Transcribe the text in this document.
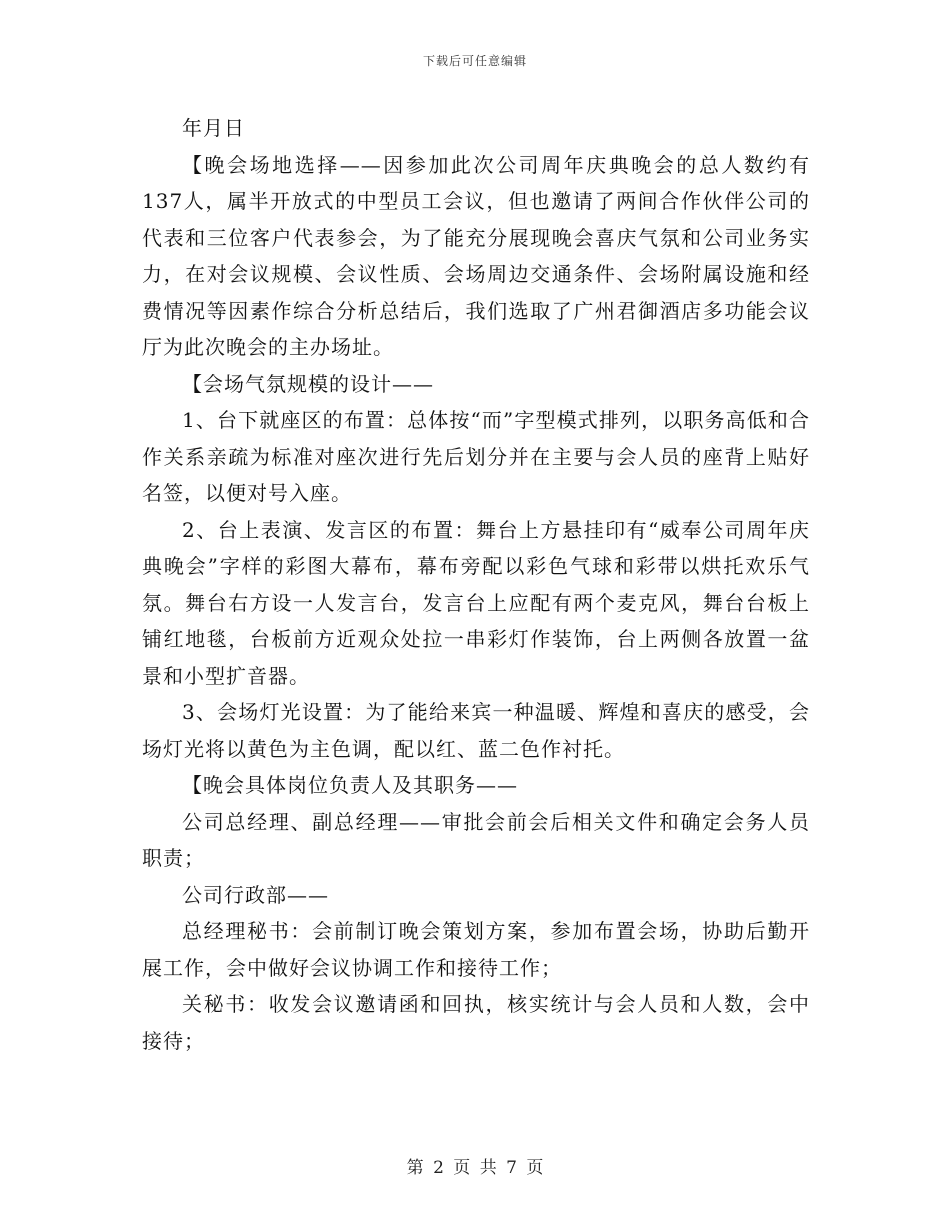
下载后可任意编辑

年月日

【晚会场地选择——因参加此次公司周年庆典晚会的总人数约有137人，属半开放式的中型员工会议，但也邀请了两间合作伙伴公司的代表和三位客户代表参会，为了能充分展现晚会喜庆气氛和公司业务实力，在对会议规模、会议性质、会场周边交通条件、会场附属设施和经费情况等因素作综合分析总结后，我们选取了广州君御酒店多功能会议厅为此次晚会的主办场址。

【会场气氛规模的设计——

1、台下就座区的布置：总体按“而”字型模式排列，以职务高低和合作关系亲疏为标准对座次进行先后划分并在主要与会人员的座背上贴好名签，以便对号入座。

2、台上表演、发言区的布置：舞台上方悬挂印有“威奉公司周年庆典晚会”字样的彩图大幕布，幕布旁配以彩色气球和彩带以烘托欢乐气氛。舞台右方设一人发言台，发言台上应配有两个麦克风，舞台台板上铺红地毯，台板前方近观众处拉一串彩灯作装饰，台上两侧各放置一盆景和小型扩音器。

3、会场灯光设置：为了能给来宾一种温暖、辉煌和喜庆的感受，会场灯光将以黄色为主色调，配以红、蓝二色作衬托。

【晚会具体岗位负责人及其职务——

公司总经理、副总经理——审批会前会后相关文件和确定会务人员职责；

公司行政部——

总经理秘书：会前制订晚会策划方案，参加布置会场，协助后勤开展工作，会中做好会议协调工作和接待工作；

关秘书：收发会议邀请函和回执，核实统计与会人员和人数，会中接待；

第 2 页 共 7 页
